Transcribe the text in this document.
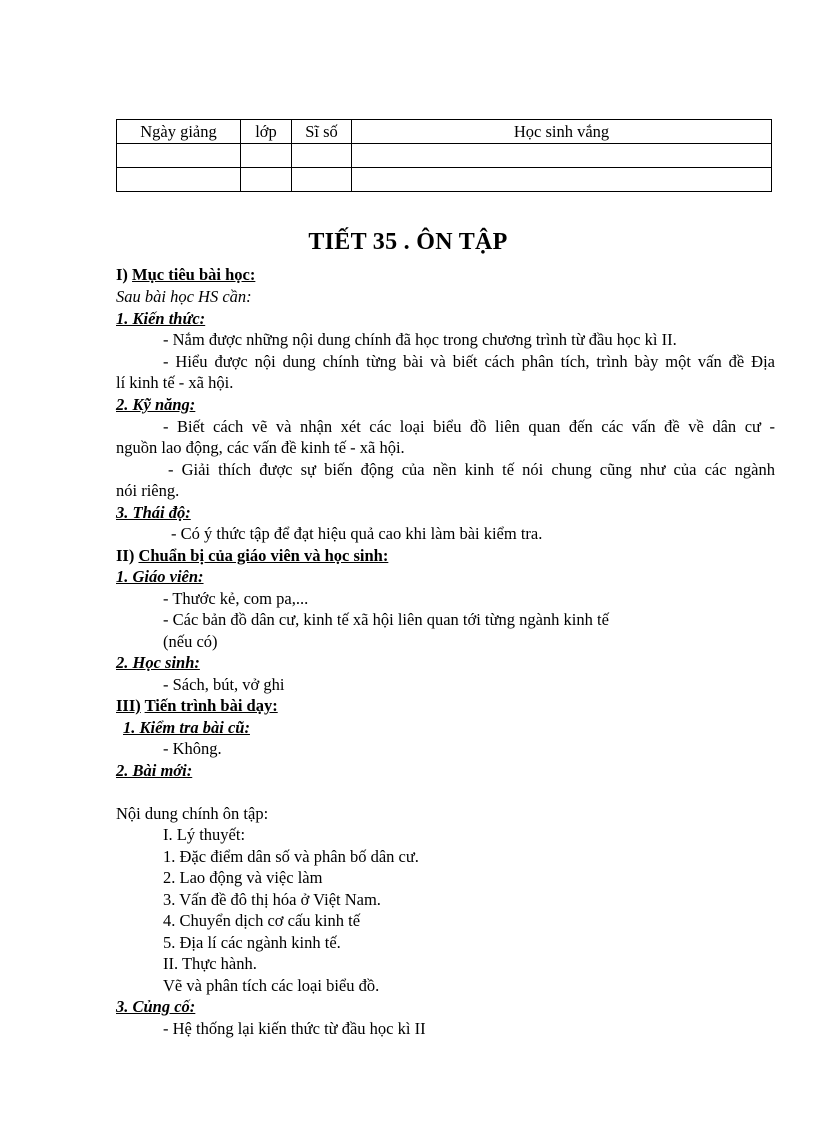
Ngày giảng	lớp	Sĩ số	Học sinh vắng

TIẾT 35 . ÔN TẬP
I) Mục tiêu bài học:
Sau bài học HS cần:
1. Kiến thức:
- Nắm được những nội dung chính đã học trong chương trình từ đầu học kì II.
- Hiểu được nội dung chính từng bài và biết cách phân tích, trình bày một vấn đề Địa
lí kinh tế - xã hội.
2. Kỹ năng:
- Biết cách vẽ và nhận xét các loại biểu đồ liên quan đến các vấn đề về dân cư -
nguồn lao động, các vấn đề kinh tế - xã hội.
- Giải thích được sự biến động của nền kinh tế nói chung cũng như của các ngành
nói riêng.
3. Thái độ:
- Có ý thức tập để đạt hiệu quả cao khi làm bài kiểm tra.
II) Chuẩn bị của giáo viên và học sinh:
1. Giáo viên:
- Thước kẻ, com pa,...
- Các bản đồ dân cư, kinh tế xã hội liên quan tới từng ngành kinh tế
(nếu có)
2. Học sinh:
- Sách, bút, vở ghi
III) Tiến trình bài dạy:
1. Kiểm tra bài cũ:
- Không.
2. Bài mới:
Nội dung chính ôn tập:
I. Lý thuyết:
1. Đặc điểm dân số và phân bố dân cư.
2. Lao động và việc làm
3. Vấn đề đô thị hóa ở Việt Nam.
4. Chuyển dịch cơ cấu kinh tế
5. Địa lí các ngành kinh tế.
II. Thực hành.
Vẽ và phân tích các loại biểu đồ.
3. Củng cố:
- Hệ thống lại kiến thức từ đầu học kì II
